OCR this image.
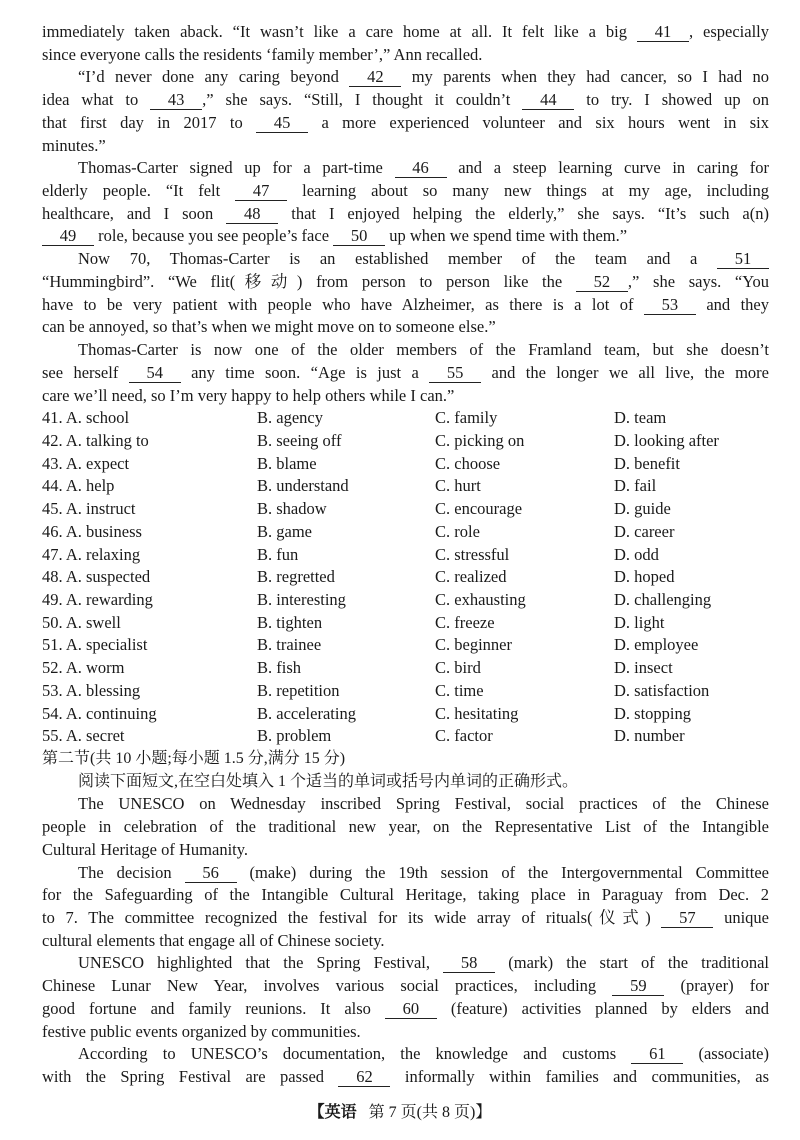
immediately taken aback. “It wasn’t like a care home at all. It felt like a big 41 , especially
since everyone calls the residents ‘family member’,” Ann recalled.
“I’d never done any caring beyond 42 my parents when they had cancer, so I had no
idea what to 43 ,” she says. “Still, I thought it couldn’t 44 to try. I showed up on
that first day in 2017 to 45 a more experienced volunteer and six hours went in six
minutes.”
Thomas-Carter signed up for a part-time 46 and a steep learning curve in caring for
elderly people. “It felt 47 learning about so many new things at my age, including
healthcare, and I soon 48 that I enjoyed helping the elderly,” she says. “It’s such a(n)
49 role, because you see people’s face 50 up when we spend time with them.”
Now 70, Thomas-Carter is an established member of the team and a 51
“Hummingbird”. “We flit(移动) from person to person like the 52 ,” she says. “You
have to be very patient with people who have Alzheimer, as there is a lot of 53 and they
can be annoyed, so that’s when we might move on to someone else.”
Thomas-Carter is now one of the older members of the Framland team, but she doesn’t
see herself 54 any time soon. “Age is just a 55 and the longer we all live, the more
care we’ll need, so I’m very happy to help others while I can.”
41. A. school	B. agency	C. family	D. team
42. A. talking to	B. seeing off	C. picking on	D. looking after
43. A. expect	B. blame	C. choose	D. benefit
44. A. help	B. understand	C. hurt	D. fail
45. A. instruct	B. shadow	C. encourage	D. guide
46. A. business	B. game	C. role	D. career
47. A. relaxing	B. fun	C. stressful	D. odd
48. A. suspected	B. regretted	C. realized	D. hoped
49. A. rewarding	B. interesting	C. exhausting	D. challenging
50. A. swell	B. tighten	C. freeze	D. light
51. A. specialist	B. trainee	C. beginner	D. employee
52. A. worm	B. fish	C. bird	D. insect
53. A. blessing	B. repetition	C. time	D. satisfaction
54. A. continuing	B. accelerating	C. hesitating	D. stopping
55. A. secret	B. problem	C. factor	D. number
第二节(共 10 小题;每小题 1.5 分,满分 15 分)
阅读下面短文,在空白处填入 1 个适当的单词或括号内单词的正确形式。
The UNESCO on Wednesday inscribed Spring Festival, social practices of the Chinese
people in celebration of the traditional new year, on the Representative List of the Intangible
Cultural Heritage of Humanity.
The decision 56 (make) during the 19th session of the Intergovernmental Committee
for the Safeguarding of the Intangible Cultural Heritage, taking place in Paraguay from Dec. 2
to 7. The committee recognized the festival for its wide array of rituals(仪式) 57 unique
cultural elements that engage all of Chinese society.
UNESCO highlighted that the Spring Festival, 58 (mark) the start of the traditional
Chinese Lunar New Year, involves various social practices, including 59 (prayer) for
good fortune and family reunions. It also 60 (feature) activities planned by elders and
festive public events organized by communities.
According to UNESCO’s documentation, the knowledge and customs 61 (associate)
with the Spring Festival are passed 62 informally within families and communities, as
【英语 第 7 页(共 8 页)】
